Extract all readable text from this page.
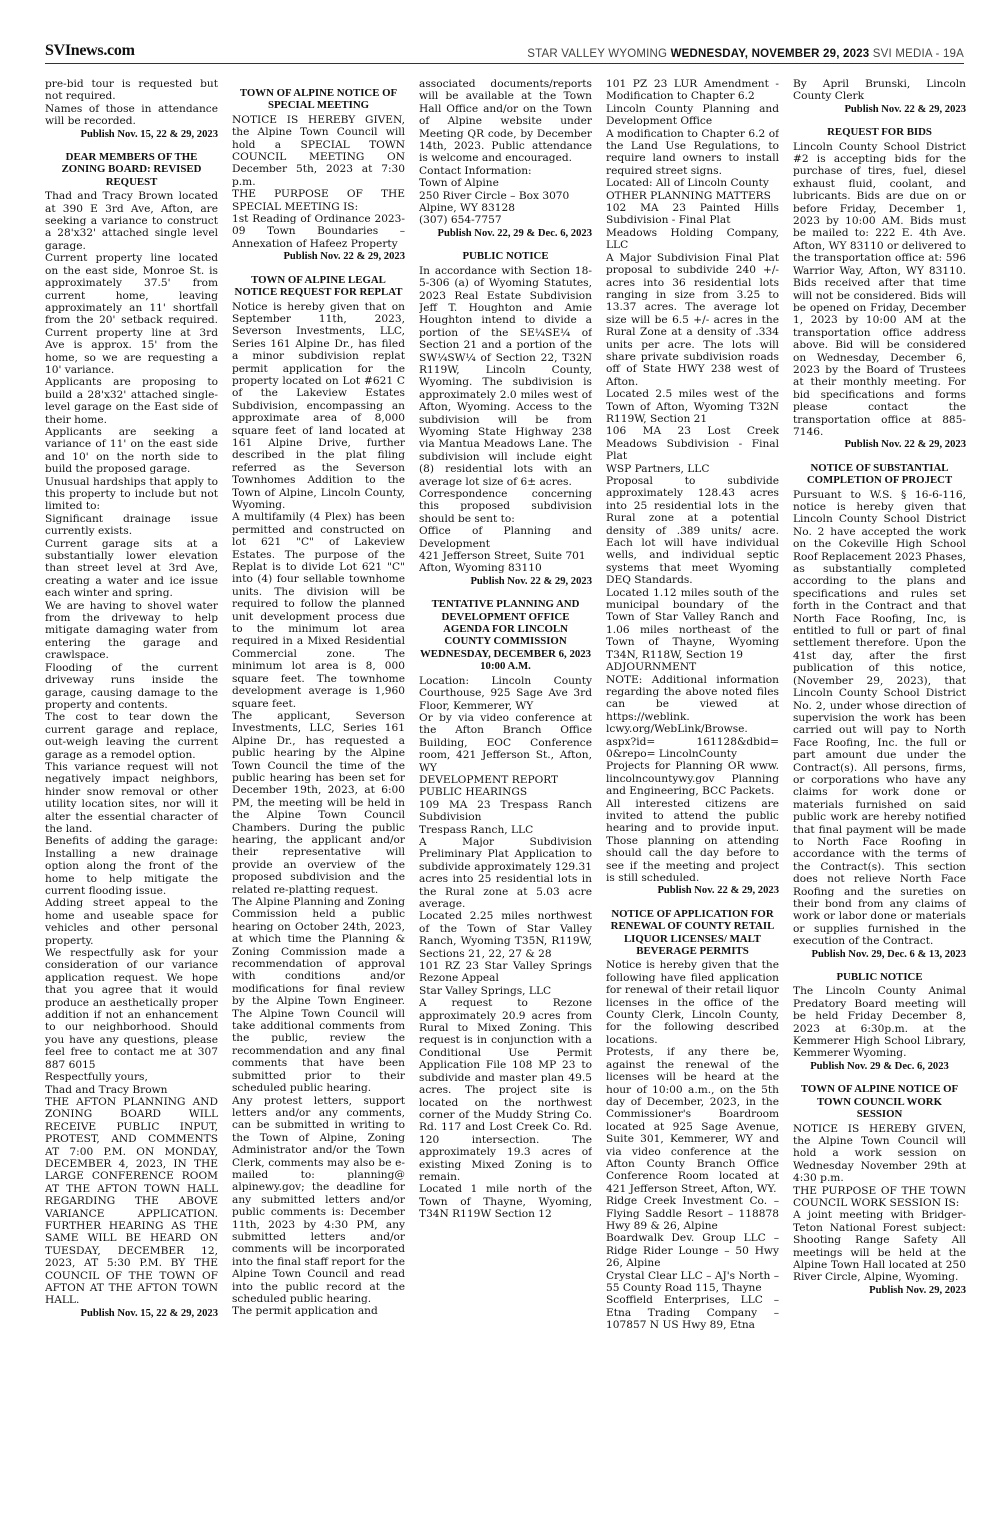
SVInews.com	STAR VALLEY WYOMING WEDNESDAY, NOVEMBER 29, 2023 SVI MEDIA - 19A

pre-bid tour is requested but not required.

Names of those in attendance will be recorded.

Publish Nov. 15, 22 & 29, 2023

DEAR MEMBERS OF THE ZONING BOARD: REVISED REQUEST

Thad and Tracy Brown located at 390 E 3rd Ave, Afton, are seeking a variance to construct a 28'x32' attached single level garage.

Current property line located on the east side, Monroe St. is approximately 37.5' from current home, leaving approximately an 11' shortfall from the 20' setback required. Current property line at 3rd Ave is approx. 15' from the home, so we are requesting a 10' variance.

Applicants are proposing to build a 28'x32' attached single-level garage on the East side of their home.

Applicants are seeking a variance of 11' on the east side and 10' on the north side to build the proposed garage.

Unusual hardships that apply to this property to include but not limited to:

Significant drainage issue currently exists.

Current garage sits at a substantially lower elevation than street level at 3rd Ave, creating a water and ice issue each winter and spring.

We are having to shovel water from the driveway to help mitigate damaging water from entering the garage and crawlspace.

Flooding of the current driveway runs inside the garage, causing damage to the property and contents.

The cost to tear down the current garage and replace, out-weigh leaving the current garage as a remodel option.

This variance request will not negatively impact neighbors, hinder snow removal or other utility location sites, nor will it alter the essential character of the land.

Benefits of adding the garage: Installing a new drainage option along the front of the home to help mitigate the current flooding issue.

Adding street appeal to the home and useable space for vehicles and other personal property.

We respectfully ask for your consideration of our variance application request. We hope that you agree that it would produce an aesthetically proper addition if not an enhancement to our neighborhood. Should you have any questions, please feel free to contact me at 307 887 6015

Respectfully yours,

Thad and Tracy Brown

THE AFTON PLANNING AND ZONING BOARD WILL RECEIVE PUBLIC INPUT, PROTEST, AND COMMENTS AT 7:00 P.M. ON MONDAY, DECEMBER 4, 2023, IN THE LARGE CONFERENCE ROOM AT THE AFTON TOWN HALL REGARDING THE ABOVE VARIANCE APPLICATION. FURTHER HEARING AS THE SAME WILL BE HEARD ON TUESDAY, DECEMBER 12, 2023, AT 5:30 P.M. BY THE COUNCIL OF THE TOWN OF AFTON AT THE AFTON TOWN HALL.

Publish Nov. 15, 22 & 29, 2023

TOWN OF ALPINE NOTICE OF SPECIAL MEETING

NOTICE IS HEREBY GIVEN, the Alpine Town Council will hold a SPECIAL TOWN COUNCIL MEETING ON December 5th, 2023 at 7:30 p.m.

THE PURPOSE OF THE SPECIAL MEETING IS:

1st Reading of Ordinance 2023-09 Town Boundaries – Annexation of Hafeez Property

Publish Nov. 22 & 29, 2023

TOWN OF ALPINE LEGAL NOTICE REQUEST FOR REPLAT

Notice is hereby given that on September 11th, 2023, Severson Investments, LLC, Series 161 Alpine Dr., has filed a minor subdivision replat permit application for the property located on Lot #621 C of the Lakeview Estates Subdivision, encompassing an approximate area of 8,000 square feet of land located at 161 Alpine Drive, further described in the plat filing referred as the Severson Townhomes Addition to the Town of Alpine, Lincoln County, Wyoming.

A multifamily (4 Plex) has been permitted and constructed on lot 621 "C" of Lakeview Estates. The purpose of the Replat is to divide Lot 621 "C" into (4) four sellable townhome units. The division will be required to follow the planned unit development process due to the minimum lot area required in a Mixed Residential Commercial zone. The minimum lot area is 8, 000 square feet. The townhome development average is 1,960 square feet.

The applicant, Severson Investments, LLC, Series 161 Alpine Dr., has requested a public hearing by the Alpine Town Council the time of the public hearing has been set for December 19th, 2023, at 6:00 PM, the meeting will be held in the Alpine Town Council Chambers. During the public hearing, the applicant and/or their representative will provide an overview of the proposed subdivision and the related re-platting request.

The Alpine Planning and Zoning Commission held a public hearing on October 24th, 2023, at which time the Planning & Zoning Commission made a recommendation of approval with conditions and/or modifications for final review by the Alpine Town Engineer. The Alpine Town Council will take additional comments from the public, review the recommendation and any final comments that have been submitted prior to their scheduled public hearing.

Any protest letters, support letters and/or any comments, can be submitted in writing to the Town of Alpine, Zoning Administrator and/or the Town Clerk, comments may also be e-mailed to: planning@ alpinewy.gov; the deadline for any submitted letters and/or public comments is: December 11th, 2023 by 4:30 PM, any submitted letters and/or comments will be incorporated into the final staff report for the Alpine Town Council and read into the public record at the scheduled public hearing.

The permit application and

associated documents/reports will be available at the Town Hall Office and/or on the Town of Alpine website under Meeting QR code, by December 14th, 2023. Public attendance is welcome and encouraged.

Contact Information:

Town of Alpine

250 River Circle – Box 3070

Alpine, WY 83128

(307) 654-7757

Publish Nov. 22, 29 & Dec. 6, 2023

PUBLIC NOTICE

In accordance with Section 18-5-306 (a) of Wyoming Statutes, 2023 Real Estate Subdivision Jeff T. Houghton and Amie Houghton intend to divide a portion of the SE¼SE¼ of Section 21 and a portion of the SW¼SW¼ of Section 22, T32N R119W, Lincoln County, Wyoming. The subdivision is approximately 2.0 miles west of Afton, Wyoming. Access to the subdivision will be from Wyoming State Highway 238 via Mantua Meadows Lane. The subdivision will include eight (8) residential lots with an average lot size of 6± acres.

Correspondence concerning this proposed subdivision should be sent to:

Office of Planning and Development

421 Jefferson Street, Suite 701

Afton, Wyoming 83110

Publish Nov. 22 & 29, 2023

TENTATIVE PLANNING AND DEVELOPMENT OFFICE AGENDA FOR LINCOLN COUNTY COMMISSION WEDNESDAY, DECEMBER 6, 2023 10:00 A.M.

Location: Lincoln County Courthouse, 925 Sage Ave 3rd Floor, Kemmerer, WY

Or by via video conference at the Afton Branch Office Building, EOC Conference room, 421 Jefferson St., Afton, WY

DEVELOPMENT REPORT

PUBLIC HEARINGS

109 MA 23 Trespass Ranch Subdivision

Trespass Ranch, LLC

A Major Subdivision Preliminary Plat Application to subdivide approximately 129.31 acres into 25 residential lots in the Rural zone at 5.03 acre average.

Located 2.25 miles northwest of the Town of Star Valley Ranch, Wyoming T35N, R119W, Sections 21, 22, 27 & 28

101 RZ 23 Star Valley Springs Rezone Appeal

Star Valley Springs, LLC

A request to Rezone approximately 20.9 acres from Rural to Mixed Zoning. This request is in conjunction with a Conditional Use Permit Application File 108 MP 23 to subdivide and master plan 49.5 acres. The project site is located on the northwest corner of the Muddy String Co. Rd. 117 and Lost Creek Co. Rd. 120 intersection. The approximately 19.3 acres of existing Mixed Zoning is to remain.

Located 1 mile north of the Town of Thayne, Wyoming, T34N R119W Section 12

101 PZ 23 LUR Amendment - Modification to Chapter 6.2

Lincoln County Planning and Development Office

A modification to Chapter 6.2 of the Land Use Regulations, to require land owners to install required street signs.

Located: All of Lincoln County

OTHER PLANNING MATTERS

102 MA 23 Painted Hills Subdivision - Final Plat

Meadows Holding Company, LLC

A Major Subdivision Final Plat proposal to subdivide 240 +/- acres into 36 residential lots ranging in size from 3.25 to 13.37 acres. The average lot size will be 6.5 +/- acres in the Rural Zone at a density of .334 units per acre. The lots will share private subdivision roads off of State HWY 238 west of Afton.

Located 2.5 miles west of the Town of Afton, Wyoming T32N R119W, Section 21

106 MA 23 Lost Creek Meadows Subdivision - Final Plat

WSP Partners, LLC

Proposal to subdivide approximately 128.43 acres into 25 residential lots in the Rural zone at a potential density of .389 units/ acre. Each lot will have individual wells, and individual septic systems that meet Wyoming DEQ Standards.

Located 1.12 miles south of the municipal boundary of the Town of Star Valley Ranch and 1.06 miles northeast of the Town of Thayne, Wyoming T34N, R118W, Section 19

ADJOURNMENT

NOTE: Additional information regarding the above noted files can be viewed at https://weblink. lcwy.org/WebLink/Browse. aspx?id= 161128&dbid= 0&repo= LincolnCounty

Projects for Planning OR www. lincolncountywy.gov Planning and Engineering, BCC Packets.

All interested citizens are invited to attend the public hearing and to provide input. Those planning on attending should call the day before to see if the meeting and project is still scheduled.

Publish Nov. 22 & 29, 2023

NOTICE OF APPLICATION FOR RENEWAL OF COUNTY RETAIL LIQUOR LICENSES/ MALT BEVERAGE PERMITS

Notice is hereby given that the following have filed application for renewal of their retail liquor licenses in the office of the County Clerk, Lincoln County, for the following described locations.

Protests, if any there be, against the renewal of the licenses will be heard at the hour of 10:00 a.m., on the 5th day of December, 2023, in the Commissioner's Boardroom located at 925 Sage Avenue, Suite 301, Kemmerer, WY and via video conference at the Afton County Branch Office Conference Room located at 421 Jefferson Street, Afton, WY.

Ridge Creek Investment Co. – Flying Saddle Resort – 118878 Hwy 89 & 26, Alpine

Boardwalk Dev. Group LLC – Ridge Rider Lounge – 50 Hwy 26, Alpine

Crystal Clear LLC – AJ's North – 55 County Road 115, Thayne

Scoffield Enterprises, LLC – Etna Trading Company – 107857 N US Hwy 89, Etna

By April Brunski, Lincoln County Clerk

Publish Nov. 22 & 29, 2023

REQUEST FOR BIDS

Lincoln County School District #2 is accepting bids for the purchase of tires, fuel, diesel exhaust fluid, coolant, and lubricants. Bids are due on or before Friday, December 1, 2023 by 10:00 AM. Bids must be mailed to: 222 E. 4th Ave. Afton, WY 83110 or delivered to the transportation office at: 596 Warrior Way, Afton, WY 83110. Bids received after that time will not be considered. Bids will be opened on Friday, December 1, 2023 by 10:00 AM at the transportation office address above. Bid will be considered on Wednesday, December 6, 2023 by the Board of Trustees at their monthly meeting. For bid specifications and forms please contact the transportation office at 885-7146.

Publish Nov. 22 & 29, 2023

NOTICE OF SUBSTANTIAL COMPLETION OF PROJECT

Pursuant to W.S. § 16-6-116, notice is hereby given that Lincoln County School District No. 2 have accepted the work on the Cokeville High School Roof Replacement 2023 Phases, as substantially completed according to the plans and specifications and rules set forth in the Contract and that North Face Roofing, Inc, is entitled to full or part of final settlement therefore. Upon the 41st day, after the first publication of this notice, (November 29, 2023), that Lincoln County School District No. 2, under whose direction of supervision the work has been carried out will pay to North Face Roofing, Inc. the full or part amount due under the Contract(s). All persons, firms, or corporations who have any claims for work done or materials furnished on said public work are hereby notified that final payment will be made to North Face Roofing in accordance with the terms of the Contract(s). This section does not relieve North Face Roofing and the sureties on their bond from any claims of work or labor done or materials or supplies furnished in the execution of the Contract.

Publish Nov. 29, Dec. 6 & 13, 2023

PUBLIC NOTICE

The Lincoln County Animal Predatory Board meeting will be held Friday December 8, 2023 at 6:30p.m. at the Kemmerer High School Library, Kemmerer Wyoming.

Publish Nov. 29 & Dec. 6, 2023

TOWN OF ALPINE NOTICE OF TOWN COUNCIL WORK SESSION

NOTICE IS HEREBY GIVEN, the Alpine Town Council will hold a work session on Wednesday November 29th at 4:30 p.m.

THE PURPOSE OF THE TOWN COUNCIL WORK SESSION IS:

A joint meeting with Bridger-Teton National Forest subject: Shooting Range Safety All meetings will be held at the Alpine Town Hall located at 250 River Circle, Alpine, Wyoming.

Publish Nov. 29, 2023
